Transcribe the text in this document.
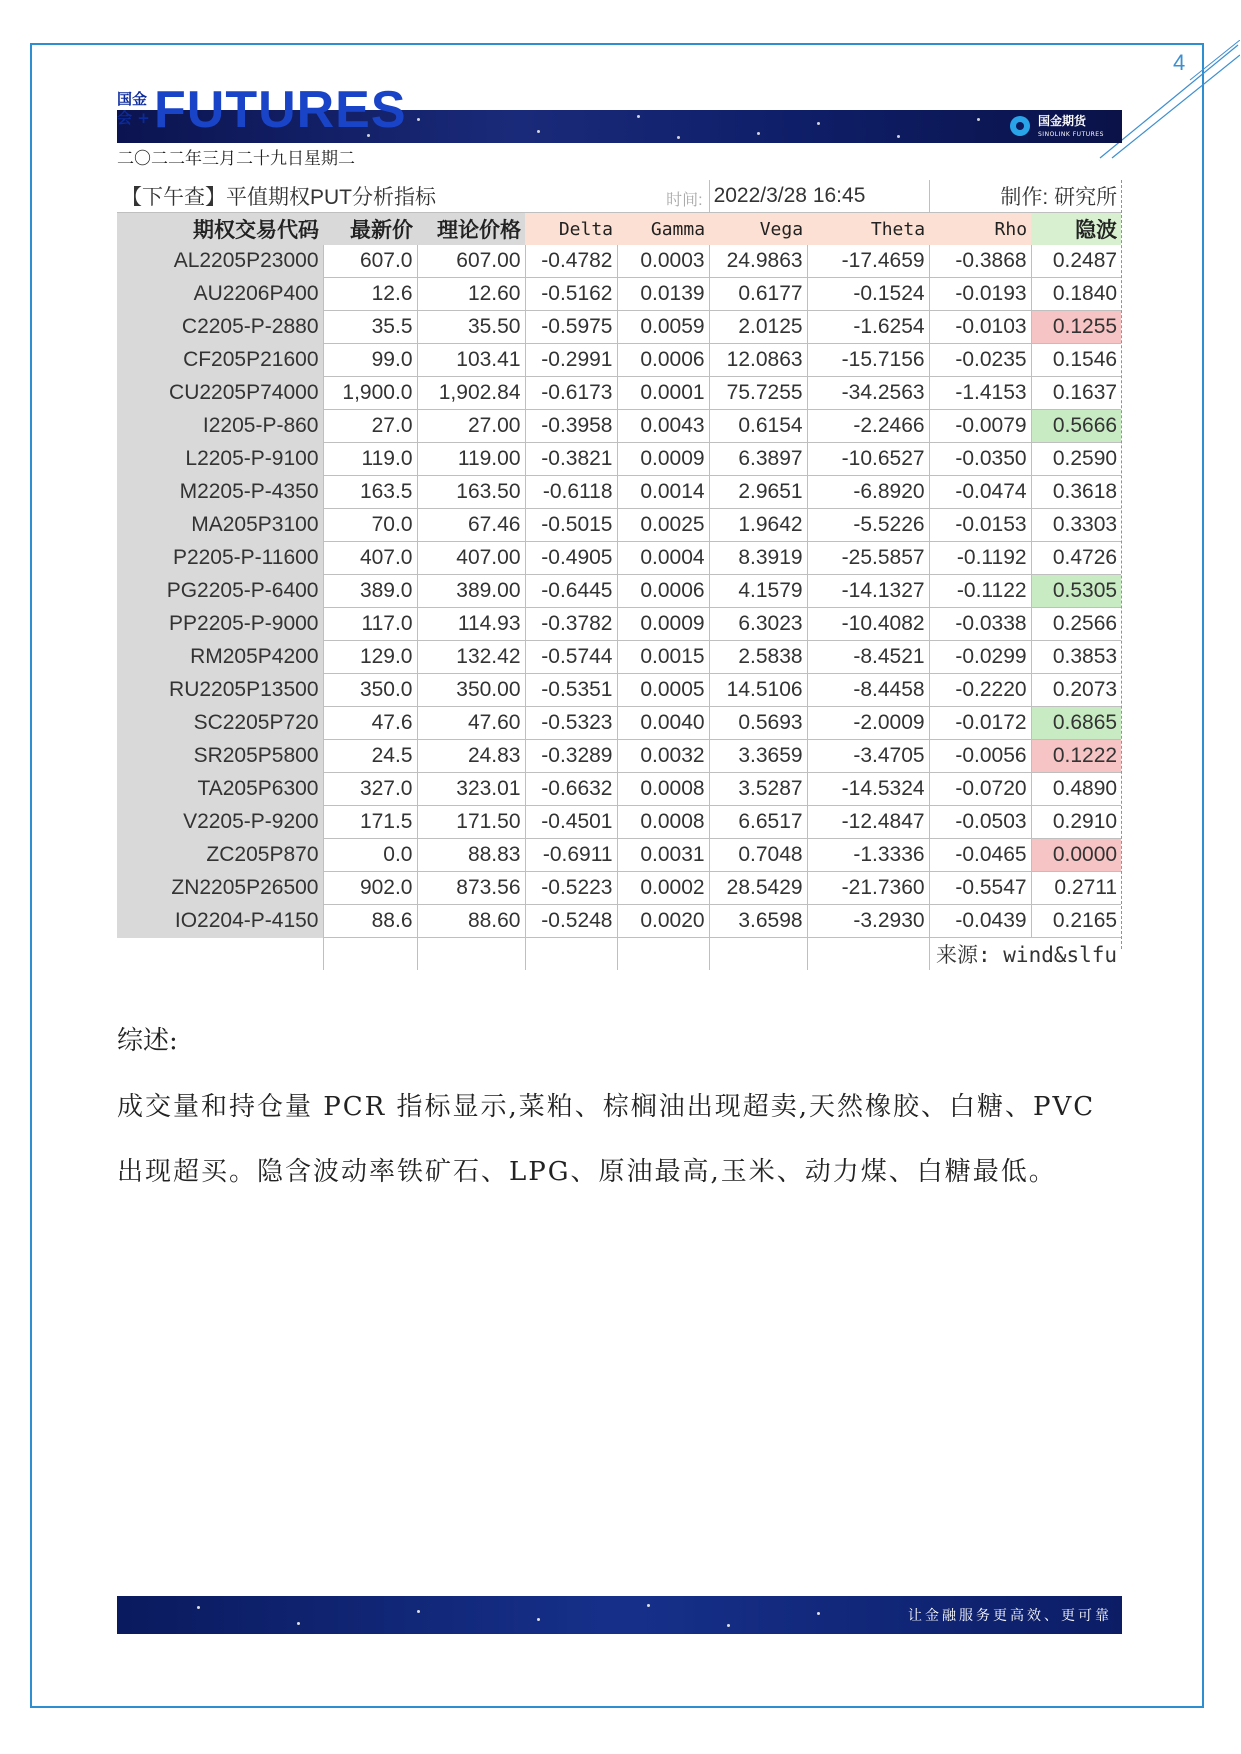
4
国金
会 + FUTURES	国金期货
SINOLINK FUTURES
二〇二二年三月二十九日星期二
【下午查】平值期权PUT分析指标 时间:					2022/3/28 16:45		制作: 研究所	
期权交易代码	最新价	理论价格	Delta	Gamma	Vega	Theta	Rho	隐波
AL2205P23000	607.0	607.00	-0.4782	0.0003	24.9863	-17.4659	-0.3868	0.2487
AU2206P400	12.6	12.60	-0.5162	0.0139	0.6177	-0.1524	-0.0193	0.1840
C2205-P-2880	35.5	35.50	-0.5975	0.0059	2.0125	-1.6254	-0.0103	0.1255
CF205P21600	99.0	103.41	-0.2991	0.0006	12.0863	-15.7156	-0.0235	0.1546
CU2205P74000	1,900.0	1,902.84	-0.6173	0.0001	75.7255	-34.2563	-1.4153	0.1637
I2205-P-860	27.0	27.00	-0.3958	0.0043	0.6154	-2.2466	-0.0079	0.5666
L2205-P-9100	119.0	119.00	-0.3821	0.0009	6.3897	-10.6527	-0.0350	0.2590
M2205-P-4350	163.5	163.50	-0.6118	0.0014	2.9651	-6.8920	-0.0474	0.3618
MA205P3100	70.0	67.46	-0.5015	0.0025	1.9642	-5.5226	-0.0153	0.3303
P2205-P-11600	407.0	407.00	-0.4905	0.0004	8.3919	-25.5857	-0.1192	0.4726
PG2205-P-6400	389.0	389.00	-0.6445	0.0006	4.1579	-14.1327	-0.1122	0.5305
PP2205-P-9000	117.0	114.93	-0.3782	0.0009	6.3023	-10.4082	-0.0338	0.2566
RM205P4200	129.0	132.42	-0.5744	0.0015	2.5838	-8.4521	-0.0299	0.3853
RU2205P13500	350.0	350.00	-0.5351	0.0005	14.5106	-8.4458	-0.2220	0.2073
SC2205P720	47.6	47.60	-0.5323	0.0040	0.5693	-2.0009	-0.0172	0.6865
SR205P5800	24.5	24.83	-0.3289	0.0032	3.3659	-3.4705	-0.0056	0.1222
TA205P6300	327.0	323.01	-0.6632	0.0008	3.5287	-14.5324	-0.0720	0.4890
V2205-P-9200	171.5	171.50	-0.4501	0.0008	6.6517	-12.4847	-0.0503	0.2910
ZC205P870	0.0	88.83	-0.6911	0.0031	0.7048	-1.3336	-0.0465	0.0000
ZN2205P26500	902.0	873.56	-0.5223	0.0002	28.5429	-21.7360	-0.5547	0.2711
IO2204-P-4150	88.6	88.60	-0.5248	0.0020	3.6598	-3.2930	-0.0439	0.2165
							来源: wind&slfu	
综述:
成交量和持仓量 PCR 指标显示,菜粕、棕榈油出现超卖,天然橡胶、白糖、PVC 出现超买。隐含波动率铁矿石、LPG、原油最高,玉米、动力煤、白糖最低。
让金融服务更高效、更可靠
